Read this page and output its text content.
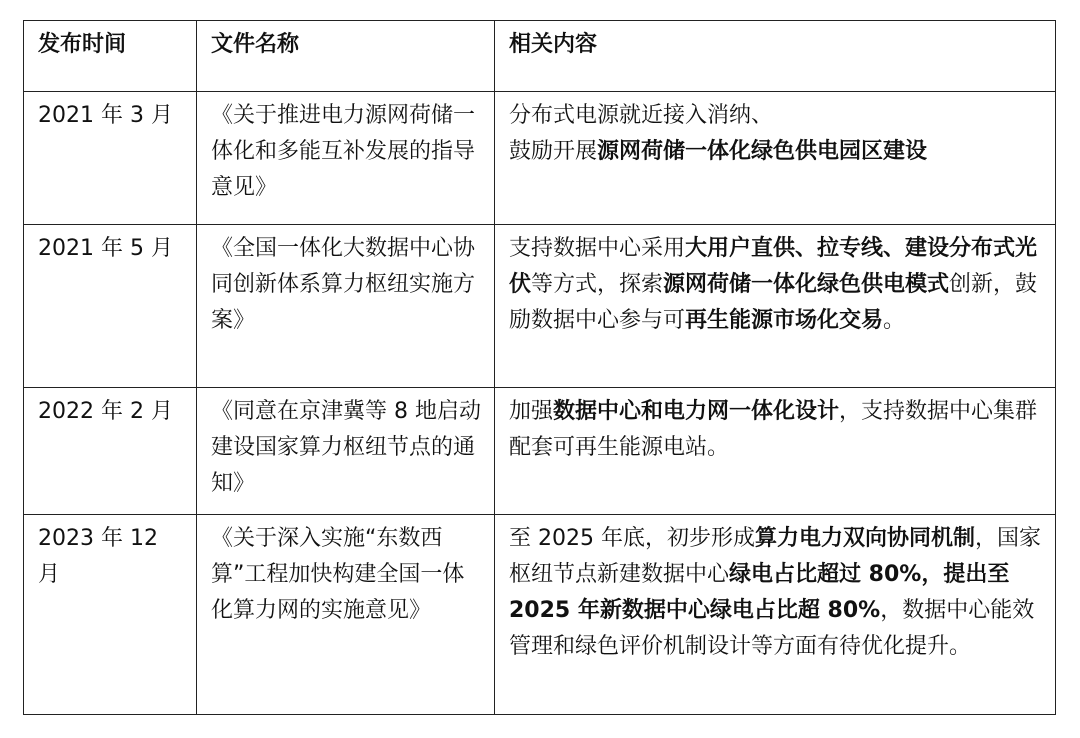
发布时间	文件名称	相关内容
2021 年 3 月	《关于推进电力源网荷储一体化和多能互补发展的指导意见》	分布式电源就近接入消纳、
鼓励开展源网荷储一体化绿色供电园区建设
2021 年 5 月	《全国一体化大数据中心协同创新体系算力枢纽实施方案》	支持数据中心采用大用户直供、拉专线、建设分布式光伏等方式，探索源网荷储一体化绿色供电模式创新，鼓励数据中心参与可再生能源市场化交易。
2022 年 2 月	《同意在京津冀等 8 地启动建设国家算力枢纽节点的通知》	加强数据中心和电力网一体化设计，支持数据中心集群配套可再生能源电站。
2023 年 12 月	《关于深入实施“东数西算”工程加快构建全国一体化算力网的实施意见》	至 2025 年底，初步形成算力电力双向协同机制，国家枢纽节点新建数据中心绿电占比超过 80%，提出至 2025 年新数据中心绿电占比超 80%，数据中心能效管理和绿色评价机制设计等方面有待优化提升。
